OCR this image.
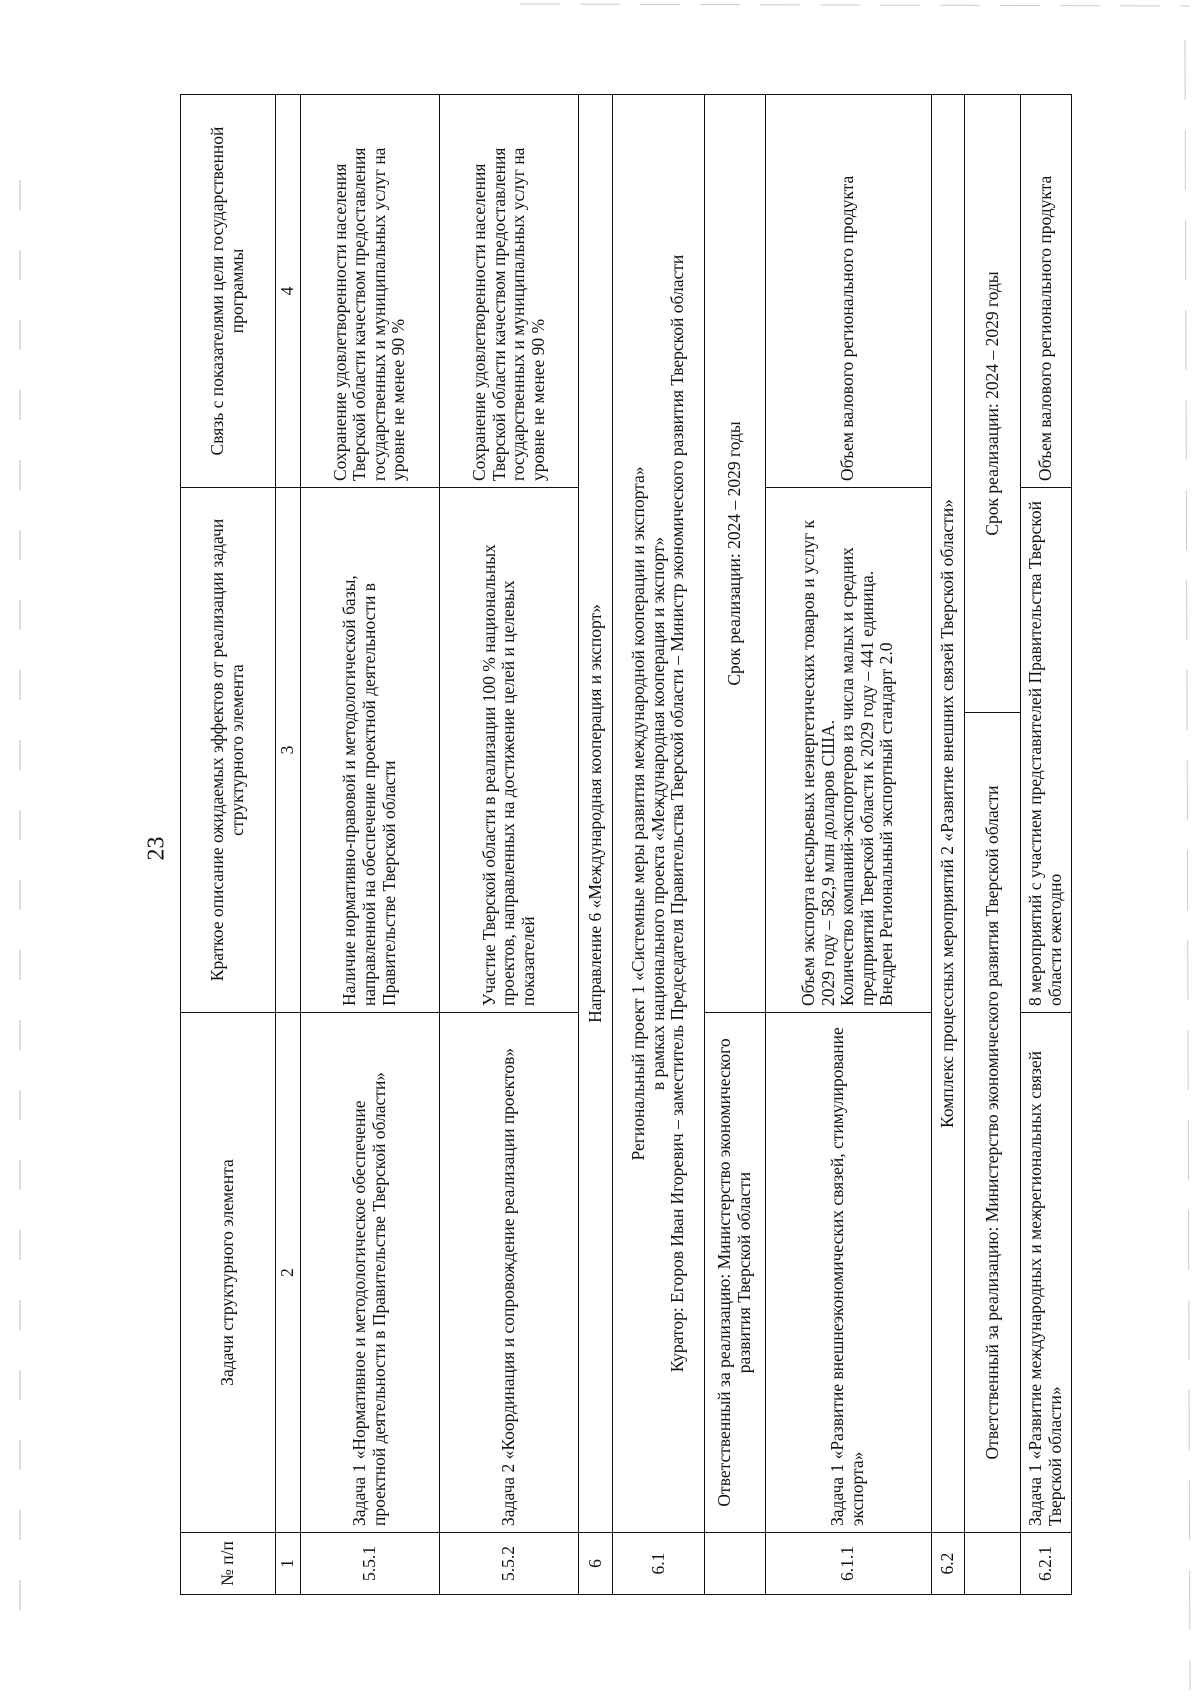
23
№ п/п	Задачи структурного элемента	Краткое описание ожидаемых эффектов от реализации задачи структурного элемента		Связь с показателями цели государственной программы
1	2	3		4
5.5.1	Задача 1 «Нормативное и методологическое обеспечение проектной деятельности в Правительстве Тверской области»	Наличие нормативно-правовой и методологической базы, направленной на обеспечение проектной деятельности в Правительстве Тверской области		Сохранение удовлетворенности населения Тверской области качеством предоставления государственных и муниципальных услуг на уровне не менее 90 %
5.5.2	Задача 2 «Координация и сопровождение реализации проектов»	Участие Тверской области в реализации 100 % национальных проектов, направленных на достижение целей и целевых показателей		Сохранение удовлетворенности населения Тверской области качеством предоставления государственных и муниципальных услуг на уровне не менее 90 %
6	Направление 6 «Международная кооперация и экспорт»			
6.1	Региональный проект 1 «Системные меры развития международной кооперации и экспорта» в рамках национального проекта «Международная кооперация и экспорт» Куратор: Егоров Иван Игоревич – заместитель Председателя Правительства Тверской области – Министр экономического развития Тверской области			

	Ответственный за реализацию: Министерство экономического развития Тверской области	Срок реализации: 2024 – 2029 годы		
6.1.1	Задача 1 «Развитие внешнеэкономических связей, стимулирование экспорта»	Объем экспорта несырьевых неэнергетических товаров и услуг к 2029 году – 582,9 млн долларов США. Количество компаний-экспортеров из числа малых и средних предприятий Тверской области к 2029 году – 441 единица. Внедрен Региональный экспортный стандарт 2.0		Объем валового регионального продукта
6.2	Комплекс процессных мероприятий 2 «Развитие внешних связей Тверской области»			
	Ответственный за реализацию: Министерство экономического развития Тверской области		Срок реализации: 2024 – 2029 годы	
6.2.1	Задача 1 «Развитие международных и межрегиональных связей Тверской области»	8 мероприятий с участием представителей Правительства Тверской области ежегодно		Объем валового регионального продукта
